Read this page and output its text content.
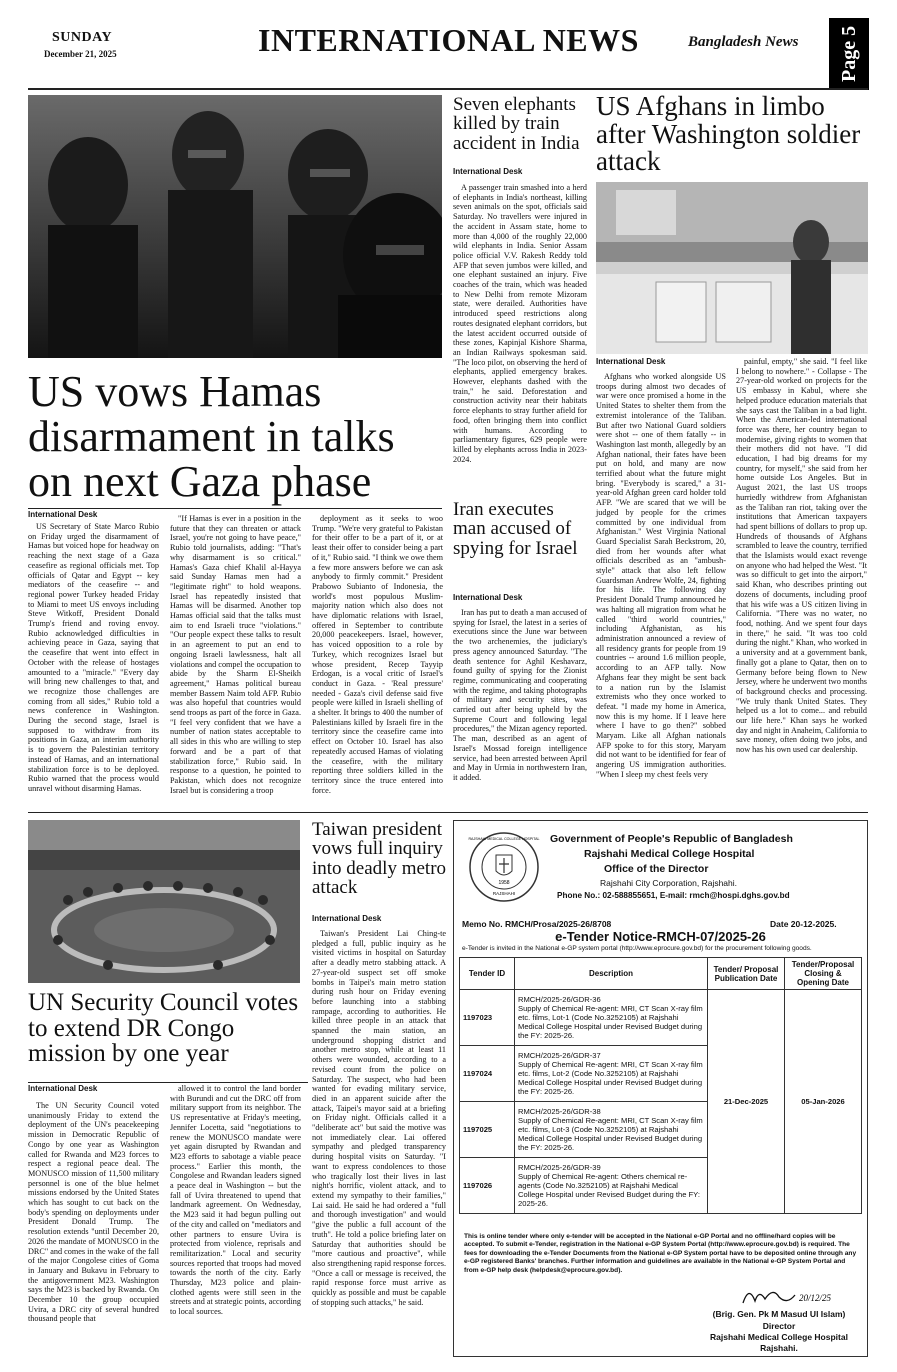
SUNDAY
December 21, 2025	INTERNATIONAL NEWS	Bangladesh News	Page 5
US vows Hamas disarmament in talks on next Gaza phase
International Desk

US Secretary of State Marco Rubio on Friday urged the disarmament of Hamas but voiced hope for headway on reaching the next stage of a Gaza ceasefire as regional officials met. Top officials of Qatar and Egypt -- key mediators of the ceasefire -- and regional power Turkey headed Friday to Miami to meet US envoys including Steve Witkoff, President Donald Trump's friend and roving envoy. Rubio acknowledged difficulties in achieving peace in Gaza, saying that the ceasefire that went into effect in October with the release of hostages amounted to a "miracle." "Every day will bring new challenges to that, and we recognize those challenges are coming from all sides," Rubio told a news conference in Washington. During the second stage, Israel is supposed to withdraw from its positions in Gaza, an interim authority is to govern the Palestinian territory instead of Hamas, and an international stabilization force is to be deployed. Rubio warned that the process would unravel without disarming Hamas.

"If Hamas is ever in a position in the future that they can threaten or attack Israel, you're not going to have peace," Rubio told journalists, adding: "That's why disarmament is so critical." Hamas's Gaza chief Khalil al-Hayya said Sunday Hamas men had a "legitimate right" to hold weapons. Israel has repeatedly insisted that Hamas will be disarmed. Another top Hamas official said that the talks must aim to end Israeli truce "violations." "Our people expect these talks to result in an agreement to put an end to ongoing Israeli lawlessness, halt all violations and compel the occupation to abide by the Sharm El-Sheikh agreement," Hamas political bureau member Bassem Naim told AFP. Rubio was also hopeful that countries would send troops as part of the force in Gaza. "I feel very confident that we have a number of nation states acceptable to all sides in this who are willing to step forward and be a part of that stabilization force," Rubio said. In response to a question, he pointed to Pakistan, which does not recognize Israel but is considering a troop

deployment as it seeks to woo Trump. "We're very grateful to Pakistan for their offer to be a part of it, or at least their offer to consider being a part of it," Rubio said. "I think we owe them a few more answers before we can ask anybody to firmly commit." President Prabowo Subianto of Indonesia, the world's most populous Muslim-majority nation which also does not have diplomatic relations with Israel, offered in September to contribute 20,000 peacekeepers. Israel, however, has voiced opposition to a role by Turkey, which recognizes Israel but whose president, Recep Tayyip Erdogan, is a vocal critic of Israel's conduct in Gaza. - 'Real pressure' needed - Gaza's civil defense said five people were killed in Israeli shelling of a shelter. It brings to 400 the number of Palestinians killed by Israeli fire in the territory since the ceasefire came into effect on October 10. Israel has also repeatedly accused Hamas of violating the ceasefire, with the military reporting three soldiers killed in the territory since the truce entered into force.

Seven elephants killed by train accident in India
International Desk

A passenger train smashed into a herd of elephants in India's northeast, killing seven animals on the spot, officials said Saturday. No travellers were injured in the accident in Assam state, home to more than 4,000 of the roughly 22,000 wild elephants in India. Senior Assam police official V.V. Rakesh Reddy told AFP that seven jumbos were killed, and one elephant sustained an injury. Five coaches of the train, which was headed to New Delhi from remote Mizoram state, were derailed. Authorities have introduced speed restrictions along routes designated elephant corridors, but the latest accident occurred outside of these zones, Kapinjal Kishore Sharma, an Indian Railways spokesman said. "The loco pilot, on observing the herd of elephants, applied emergency brakes. However, elephants dashed with the train," he said. Deforestation and construction activity near their habitats force elephants to stray further afield for food, often bringing them into conflict with humans. According to parliamentary figures, 629 people were killed by elephants across India in 2023-2024.

Iran executes man accused of spying for Israel
International Desk

Iran has put to death a man accused of spying for Israel, the latest in a series of executions since the June war between the two archenemies, the judiciary's press agency announced Saturday. "The death sentence for Aghil Keshavarz, found guilty of spying for the Zionist regime, communicating and cooperating with the regime, and taking photographs of military and security sites, was carried out after being upheld by the Supreme Court and following legal procedures," the Mizan agency reported. The man, described as an agent of Israel's Mossad foreign intelligence service, had been arrested between April and May in Urmia in northwestern Iran, it added.

US Afghans in limbo after Washington soldier attack
International Desk

Afghans who worked alongside US troops during almost two decades of war were once promised a home in the United States to shelter them from the extremist intolerance of the Taliban. But after two National Guard soldiers were shot -- one of them fatally -- in Washington last month, allegedly by an Afghan national, their fates have been put on hold, and many are now terrified about what the future might bring. "Everybody is scared," a 31-year-old Afghan green card holder told AFP. "We are scared that we will be judged by people for the crimes committed by one individual from Afghanistan." West Virginia National Guard Specialist Sarah Beckstrom, 20, died from her wounds after what officials described as an "ambush-style" attack that also left fellow Guardsman Andrew Wolfe, 24, fighting for his life. The following day President Donald Trump announced he was halting all migration from what he called "third world countries," including Afghanistan, as his administration announced a review of all residency grants for people from 19 countries -- around 1.6 million people, according to an AFP tally. Now Afghans fear they might be sent back to a nation run by the Islamist extremists who they once worked to defeat. "I made my home in America, now this is my home. If I leave here where I have to go then?" sobbed Maryam. Like all Afghan nationals AFP spoke to for this story, Maryam did not want to be identified for fear of angering US immigration authorities. "When I sleep my chest feels very

painful, empty," she said. "I feel like I belong to nowhere." - Collapse - The 27-year-old worked on projects for the US embassy in Kabul, where she helped produce education materials that she says cast the Taliban in a bad light. When the American-led international force was there, her country began to modernise, giving rights to women that their mothers did not have. "I did education, I had big dreams for my country, for myself," she said from her home outside Los Angeles. But in August 2021, the last US troops hurriedly withdrew from Afghanistan as the Taliban ran riot, taking over the institutions that American taxpayers had spent billions of dollars to prop up. Hundreds of thousands of Afghans scrambled to leave the country, terrified that the Islamists would exact revenge on anyone who had helped the West. "It was so difficult to get into the airport," said Khan, who describes printing out dozens of documents, including proof that his wife was a US citizen living in California. "There was no water, no food, nothing. And we spent four days in there," he said. "It was too cold during the night." Khan, who worked in a university and at a government bank, finally got a plane to Qatar, then on to Germany before being flown to New Jersey, where he underwent two months of background checks and processing. "We truly thank United States. They helped us a lot to come... and rebuild our life here." Khan says he worked day and night in Anaheim, California to save money, often doing two jobs, and now has his own used car dealership.

UN Security Council votes to extend DR Congo mission by one year
International Desk

The UN Security Council voted unanimously Friday to extend the deployment of the UN's peacekeeping mission in Democratic Republic of Congo by one year as Washington called for Rwanda and M23 forces to respect a regional peace deal. The MONUSCO mission of 11,500 military personnel is one of the blue helmet missions endorsed by the United States which has sought to cut back on the body's spending on deployments under President Donald Trump. The resolution extends "until December 20, 2026 the mandate of MONUSCO in the DRC" and comes in the wake of the fall of the major Congolese cities of Goma in January and Bukavu in February to the antigovernment M23. Washington says the M23 is backed by Rwanda. On December 10 the group occupied Uvira, a DRC city of several hundred thousand people that

allowed it to control the land border with Burundi and cut the DRC off from military support from its neighbor. The US representative at Friday's meeting, Jennifer Locetta, said "negotiations to renew the MONUSCO mandate were yet again disrupted by Rwandan and M23 efforts to sabotage a viable peace process." Earlier this month, the Congolese and Rwandan leaders signed a peace deal in Washington -- but the fall of Uvira threatened to upend that landmark agreement. On Wednesday, the M23 said it had begun pulling out of the city and called on "mediators and other partners to ensure Uvira is protected from violence, reprisals and remilitarization." Local and security sources reported that troops had moved towards the north of the city. Early Thursday, M23 police and plain-clothed agents were still seen in the streets and at strategic points, according to local sources.

Taiwan president vows full inquiry into deadly metro attack
International Desk

Taiwan's President Lai Ching-te pledged a full, public inquiry as he visited victims in hospital on Saturday after a deadly metro stabbing attack. A 27-year-old suspect set off smoke bombs in Taipei's main metro station during rush hour on Friday evening before launching into a stabbing rampage, according to authorities. He killed three people in an attack that spanned the main station, an underground shopping district and another metro stop, while at least 11 others were wounded, according to a revised count from the police on Saturday. The suspect, who had been wanted for evading military service, died in an apparent suicide after the attack, Taipei's mayor said at a briefing on Friday night. Officials called it a "deliberate act" but said the motive was not immediately clear. Lai offered sympathy and pledged transparency during hospital visits on Saturday. "I want to express condolences to those who tragically lost their lives in last night's horrific, violent attack, and to extend my sympathy to their families," Lai said. He said he had ordered a "full and thorough investigation" and would "give the public a full account of the truth". He told a police briefing later on Saturday that authorities should be "more cautious and proactive", while also strengthening rapid response forces. "Once a call or message is received, the rapid response force must arrive as quickly as possible and must be capable of stopping such attacks," he said.

1958
RAJSHAHI
RAJSHAHI MEDICAL COLLEGE HOSPITAL Government of People's Republic of Bangladesh
Rajshahi Medical College Hospital
Office of the Director
Rajshahi City Corporation, Rajshahi.
Phone No.: 02-588855651, E-mail: rmch@hospi.dghs.gov.bd
Memo No. RMCH/Prosa/2025-26/8708	Date 20-12-2025.
e-Tender Notice-RMCH-07/2025-26
e-Tender is invited in the National e-GP system portal (http://www.eprocure.gov.bd) for the procurement following goods.
Tender ID	Description	Tender/ Proposal Publication Date	Tender/Proposal Closing & Opening Date
1197023	RMCH/2025-26/GDR-36
Supply of Chemical Re-agent: MRI, CT Scan X-ray film etc. films, Lot-1 (Code No.3252105) at Rajshahi Medical College Hospital under Revised Budget during the FY: 2025-26.	21-Dec-2025	05-Jan-2026
1197024	RMCH/2025-26/GDR-37
Supply of Chemical Re-agent: MRI, CT Scan X-ray film etc. films, Lot-2 (Code No.3252105) at Rajshahi Medical College Hospital under Revised Budget during the FY: 2025-26.		

1197025	RMCH/2025-26/GDR-38
Supply of Chemical Re-agent: MRI, CT Scan X-ray film etc. films, Lot-3 (Code No.3252105) at Rajshahi Medical College Hospital under Revised Budget during the FY: 2025-26.		

1197026	RMCH/2025-26/GDR-39
Supply of Chemical Re-agent: Others chemical re-agents (Code No.3252105) at Rajshahi Medical College Hospital under Revised Budget during the FY: 2025-26.		
This is online tender where only e-tender will be accepted in the National e-GP Portal and no offline/hard copies will be accepted. To submit e-Tender, registration in the National e-GP System Portal (http://www.eprocure.gov.bd) is required. The fees for downloading the e-Tender Documents from the National e-GP System portal have to be deposited online through any e-GP registered Banks' branches. Further information and guidelines are available in the National e-GP System Portal and from e-GP help desk (helpdesk@eprocure.gov.bd).
20/12/25
(Brig. Gen. Pk M Masud Ul Islam)
Director
Rajshahi Medical College Hospital
Rajshahi.
